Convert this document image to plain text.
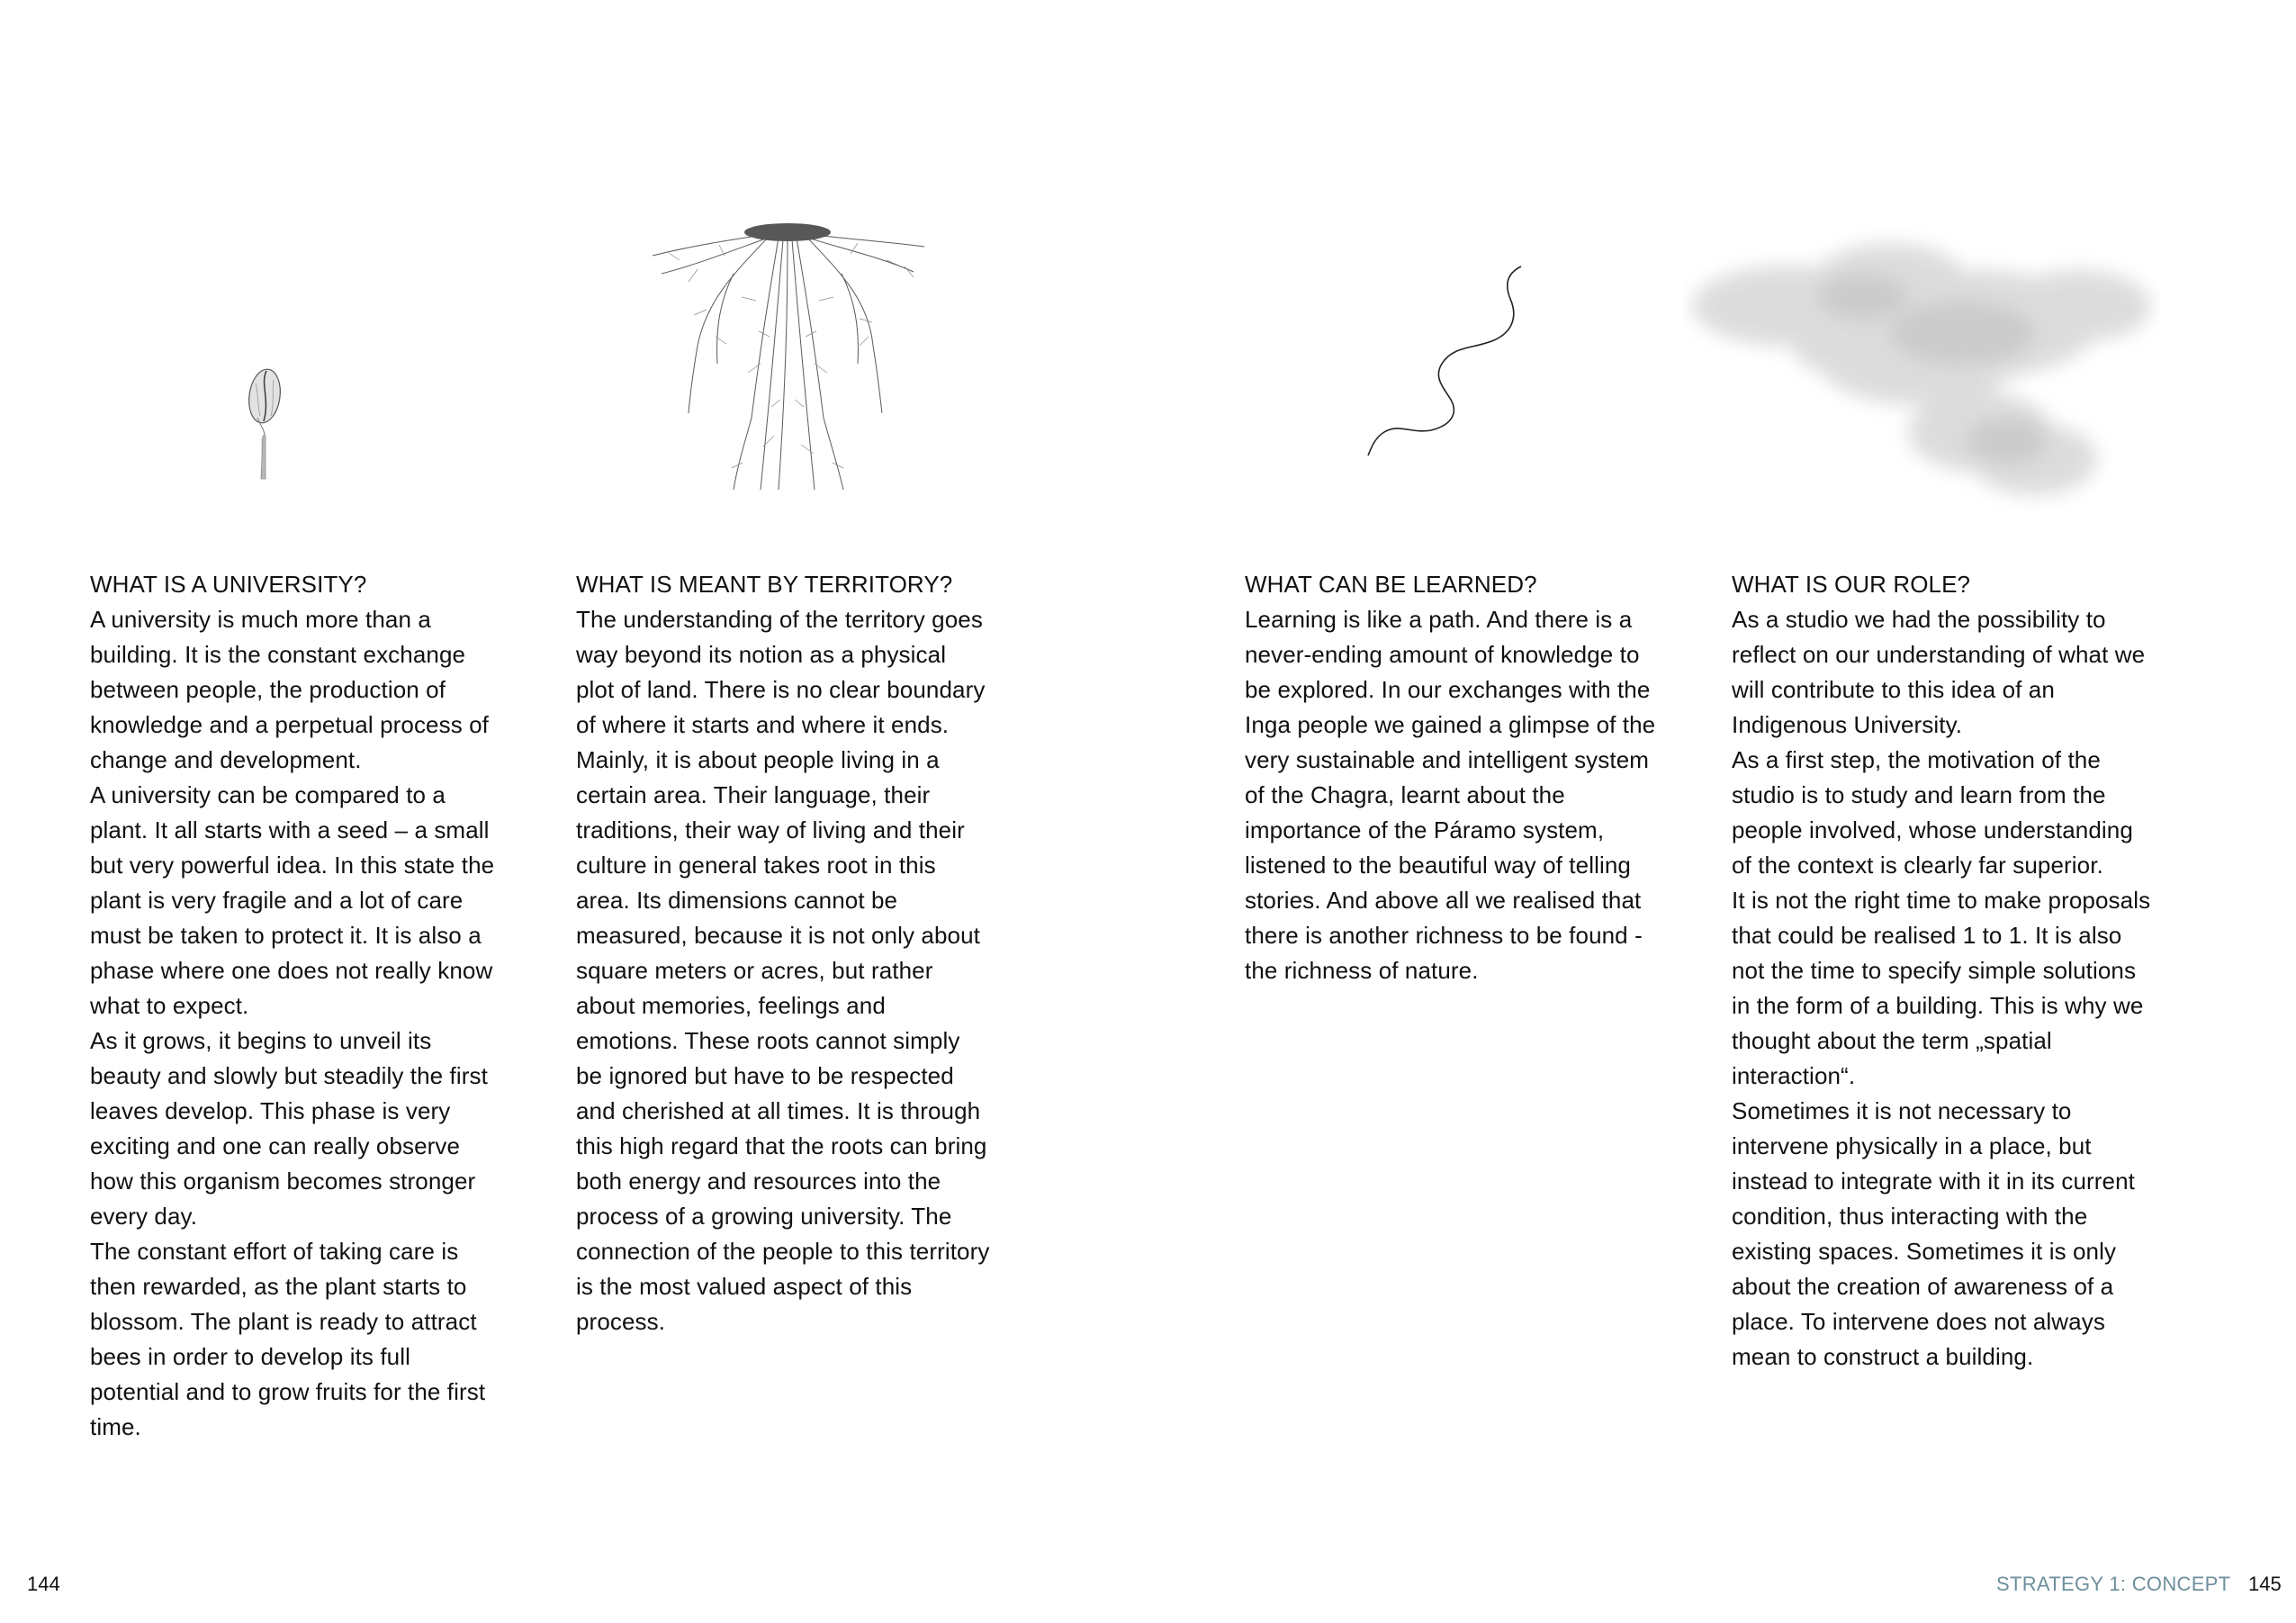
WHAT IS A UNIVERSITY?

A university is much more than a building. It is the constant exchange between people, the production of knowledge and a perpetual process of change and development.

A university can be compared to a plant. It all starts with a seed – a small but very powerful idea. In this state the plant is very fragile and a lot of care must be taken to protect it. It is also a phase where one does not really know what to expect.

As it grows, it begins to unveil its beauty and slowly but steadily the first leaves develop. This phase is very exciting and one can really observe how this organism becomes stronger every day.

The constant effort of taking care is then rewarded, as the plant starts to blossom. The plant is ready to attract bees in order to develop its full potential and to grow fruits for the first time.

WHAT IS MEANT BY TERRITORY?

The understanding of the territory goes way beyond its notion as a physical plot of land. There is no clear boundary of where it starts and where it ends.

Mainly, it is about people living in a certain area. Their language, their traditions, their way of living and their culture in general takes root in this area. Its dimensions cannot be measured, because it is not only about square meters or acres, but rather about memories, feelings and emotions. These roots cannot simply be ignored but have to be respected and cherished at all times. It is through this high regard that the roots can bring both energy and resources into the process of a growing university. The connection of the people to this territory is the most valued aspect of this process.

WHAT CAN BE LEARNED?

Learning is like a path. And there is a never-ending amount of knowledge to be explored. In our exchanges with the Inga people we gained a glimpse of the very sustainable and intelligent system of the Chagra, learnt about the importance of the Páramo system, listened to the beautiful way of telling stories. And above all we realised that there is another richness to be found - the richness of nature.

WHAT IS OUR ROLE?

As a studio we had the possibility to reflect on our understanding of what we will contribute to this idea of an Indigenous University.

As a first step, the motivation of the studio is to study and learn from the people involved, whose understanding of the context is clearly far superior.

It is not the right time to make proposals that could be realised 1 to 1. It is also not the time to specify simple solutions in the form of a building. This is why we thought about the term „spatial interaction“.

Sometimes it is not necessary to intervene physically in a place, but instead to integrate with it in its current condition, thus interacting with the existing spaces. Sometimes it is only about the creation of awareness of a place. To intervene does not always mean to construct a building.

144	STRATEGY 1: CONCEPT 145
